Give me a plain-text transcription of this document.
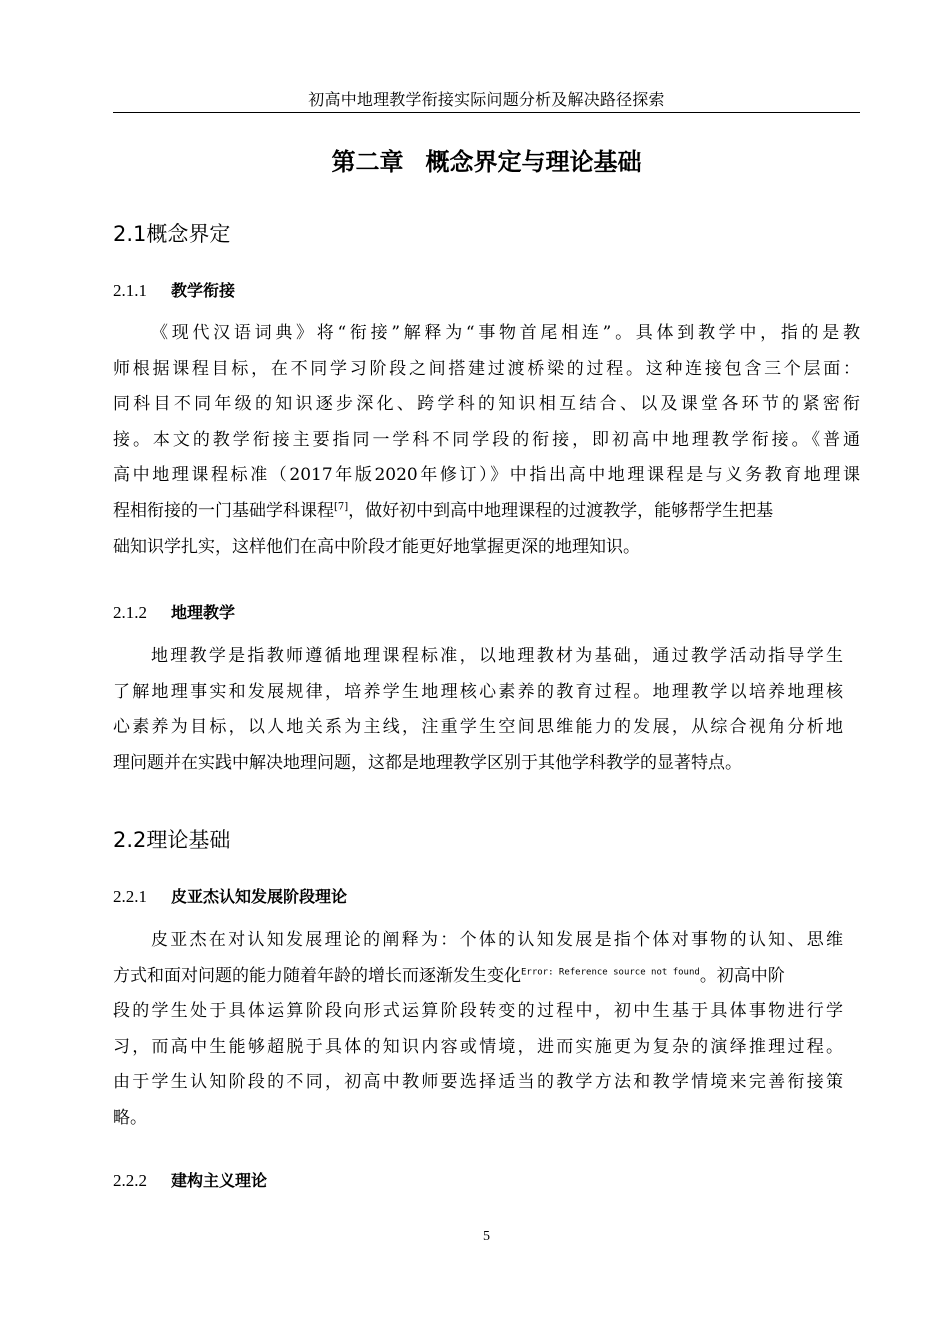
初高中地理教学衔接实际问题分析及解决路径探索
第二章 概念界定与理论基础
2.1概念界定
2.1.1 教学衔接
《现代汉语词典》将“衔接”解释为“事物首尾相连”。具体到教学中，指的是教
师根据课程目标，在不同学习阶段之间搭建过渡桥梁的过程。这种连接包含三个层面：
同科目不同年级的知识逐步深化、跨学科的知识相互结合、以及课堂各环节的紧密衔
接。本文的教学衔接主要指同一学科不同学段的衔接，即初高中地理教学衔接。《普通
高中地理课程标准（2017年版2020年修订）》中指出高中地理课程是与义务教育地理课
程相衔接的一门基础学科课程[7]，做好初中到高中地理课程的过渡教学，能够帮学生把基
础知识学扎实，这样他们在高中阶段才能更好地掌握更深的地理知识。
2.1.2 地理教学
地理教学是指教师遵循地理课程标准，以地理教材为基础，通过教学活动指导学生
了解地理事实和发展规律，培养学生地理核心素养的教育过程。地理教学以培养地理核
心素养为目标，以人地关系为主线，注重学生空间思维能力的发展，从综合视角分析地
理问题并在实践中解决地理问题，这都是地理教学区别于其他学科教学的显著特点。
2.2理论基础
2.2.1 皮亚杰认知发展阶段理论
皮亚杰在对认知发展理论的阐释为：个体的认知发展是指个体对事物的认知、思维
方式和面对问题的能力随着年龄的增长而逐渐发生变化$^{Error: Reference source not found}$。初高中阶
段的学生处于具体运算阶段向形式运算阶段转变的过程中，初中生基于具体事物进行学
习，而高中生能够超脱于具体的知识内容或情境，进而实施更为复杂的演绎推理过程。
由于学生认知阶段的不同，初高中教师要选择适当的教学方法和教学情境来完善衔接策
略。
2.2.2 建构主义理论
5
